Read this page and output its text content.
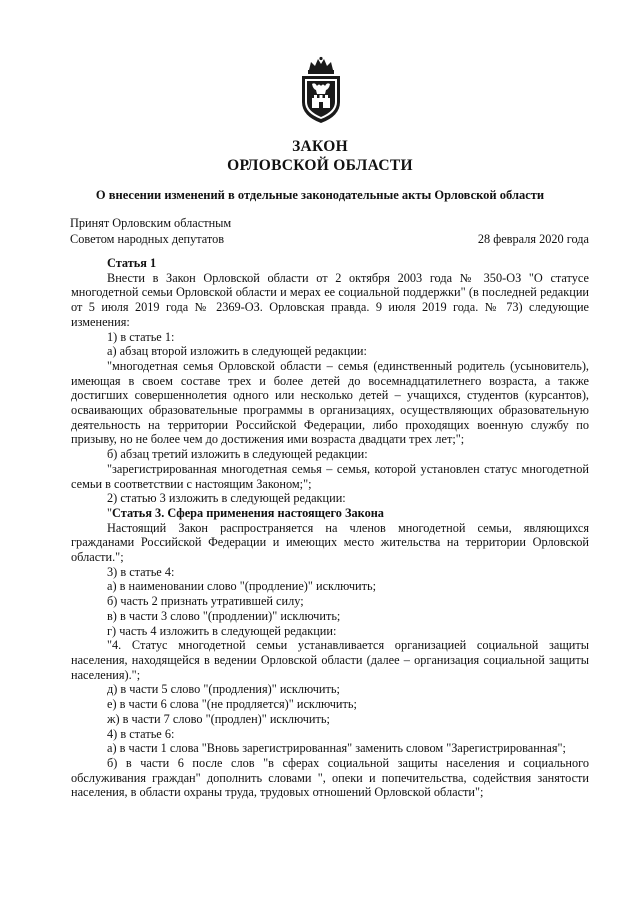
ЗАКОН
ОРЛОВСКОЙ ОБЛАСТИ
О внесении изменений в отдельные законодательные акты Орловской области
Принят Орловским областным
Советом народных депутатов	28 февраля 2020 года

Статья 1

Внести в Закон Орловской области от 2 октября 2003 года № 350-ОЗ "О статусе многодетной семьи Орловской области и мерах ее социальной поддержки" (в последней редакции от 5 июля 2019 года № 2369-ОЗ. Орловская правда. 9 июля 2019 года. № 73) следующие изменения:

1) в статье 1:

а) абзац второй изложить в следующей редакции:

"многодетная семья Орловской области – семья (единственный родитель (усыновитель), имеющая в своем составе трех и более детей до восемнадцатилетнего возраста, а также достигших совершеннолетия одного или несколько детей – учащихся, студентов (курсантов), осваивающих образовательные программы в организациях, осуществляющих образовательную деятельность на территории Российской Федерации, либо проходящих военную службу по призыву, но не более чем до достижения ими возраста двадцати трех лет;";

б) абзац третий изложить в следующей редакции:

"зарегистрированная многодетная семья – семья, которой установлен статус многодетной семьи в соответствии с настоящим Законом;";

2) статью 3 изложить в следующей редакции:

"Статья 3. Сфера применения настоящего Закона

Настоящий Закон распространяется на членов многодетной семьи, являющихся гражданами Российской Федерации и имеющих место жительства на территории Орловской области.";

3) в статье 4:

а) в наименовании слово "(продление)" исключить;

б) часть 2 признать утратившей силу;

в) в части 3 слово "(продлении)" исключить;

г) часть 4 изложить в следующей редакции:

"4. Статус многодетной семьи устанавливается организацией социальной защиты населения, находящейся в ведении Орловской области (далее – организация социальной защиты населения).";

д) в части 5 слово "(продления)" исключить;

е) в части 6 слова "(не продляется)" исключить;

ж) в части 7 слово "(продлен)" исключить;

4) в статье 6:

а) в части 1 слова "Вновь зарегистрированная" заменить словом "Зарегистрированная";

б) в части 6 после слов "в сферах социальной защиты населения и социального обслуживания граждан" дополнить словами ", опеки и попечительства, содействия занятости населения, в области охраны труда, трудовых отношений Орловской области";
